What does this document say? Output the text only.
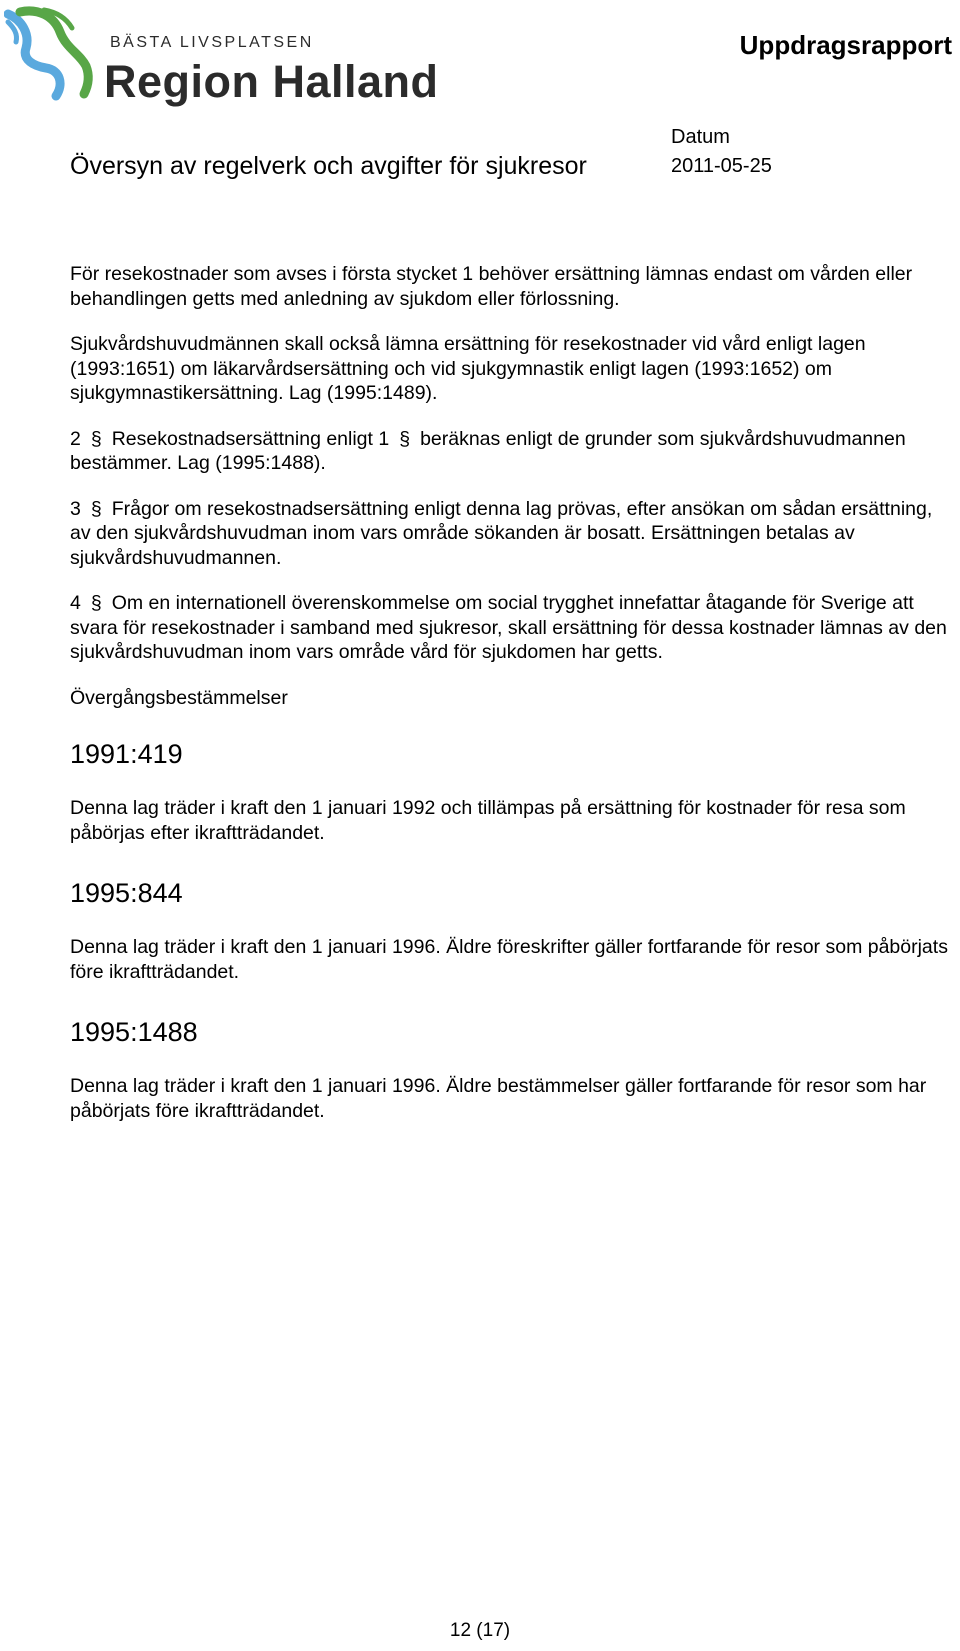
BÄSTA LIVSPLATSEN
Region Halland
Uppdragsrapport
Översyn av regelverk och avgifter för sjukresor
Datum
2011-05-25

För resekostnader som avses i första stycket 1 behöver ersättning lämnas endast om vården eller behandlingen getts med anledning av sjukdom eller förlossning.

Sjukvårdshuvudmännen skall också lämna ersättning för resekostnader vid vård enligt lagen (1993:1651) om läkarvårdsersättning och vid sjukgymnastik enligt lagen (1993:1652) om sjukgymnastikersättning. Lag (1995:1489).

2 § Resekostnadsersättning enligt 1 § beräknas enligt de grunder som sjukvårdshuvudmannen bestämmer. Lag (1995:1488).

3 § Frågor om resekostnadsersättning enligt denna lag prövas, efter ansökan om sådan ersättning, av den sjukvårdshuvudman inom vars område sökanden är bosatt. Ersättningen betalas av sjukvårdshuvudmannen.

4 § Om en internationell överenskommelse om social trygghet innefattar åtagande för Sverige att svara för resekostnader i samband med sjukresor, skall ersättning för dessa kostnader lämnas av den sjukvårdshuvudman inom vars område vård för sjukdomen har getts.

Övergångsbestämmelser

1991:419

Denna lag träder i kraft den 1 januari 1992 och tillämpas på ersättning för kostnader för resa som påbörjas efter ikraftträdandet.

1995:844

Denna lag träder i kraft den 1 januari 1996. Äldre föreskrifter gäller fortfarande för resor som påbörjats före ikraftträdandet.

1995:1488

Denna lag träder i kraft den 1 januari 1996. Äldre bestämmelser gäller fortfarande för resor som har påbörjats före ikraftträdandet.

12 (17)
